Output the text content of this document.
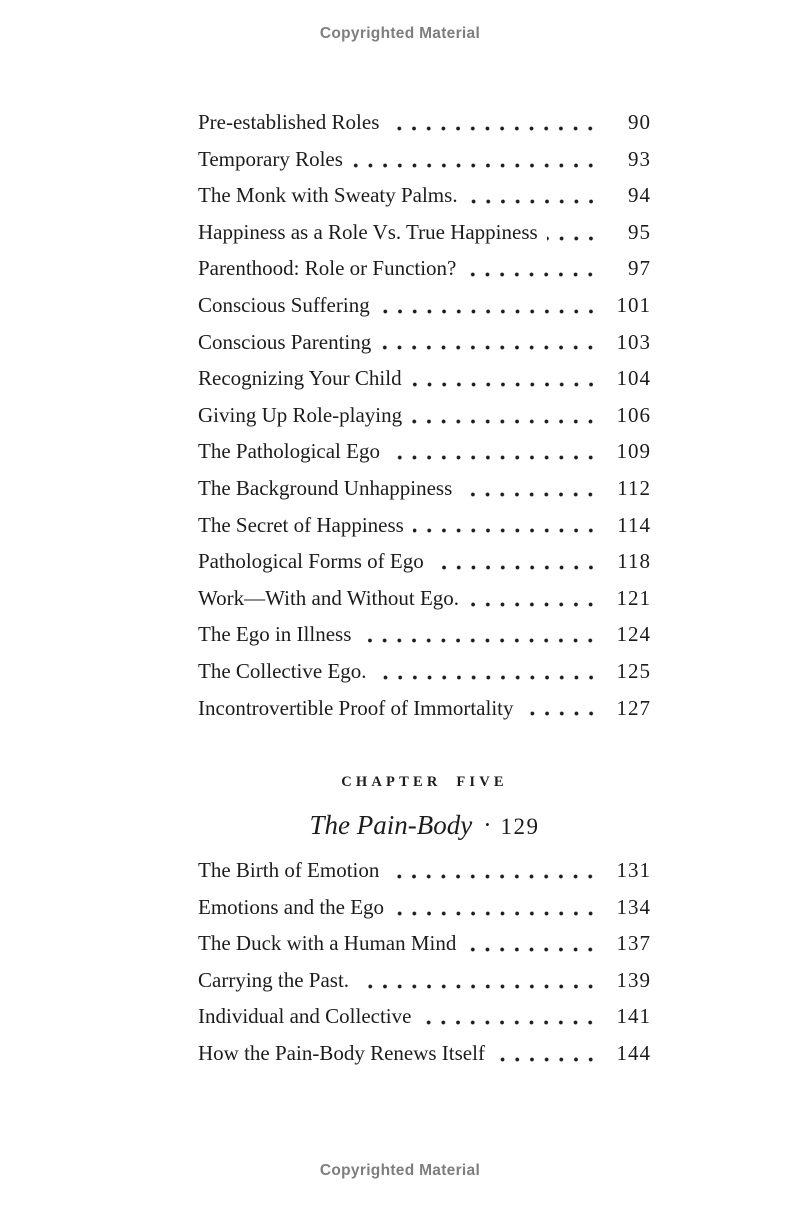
Copyrighted Material
Pre-established Roles	90
Temporary Roles	93
The Monk with Sweaty Palms.	94
Happiness as a Role Vs. True Happiness	95
Parenthood: Role or Function?	97
Conscious Suffering	101
Conscious Parenting	103
Recognizing Your Child	104
Giving Up Role-playing	106
The Pathological Ego	109
The Background Unhappiness	112
The Secret of Happiness	114
Pathological Forms of Ego	118
Work—With and Without Ego.	121
The Ego in Illness	124
The Collective Ego.	125
Incontrovertible Proof of Immortality	127
CHAPTER FIVE
The Pain-Body · 129
The Birth of Emotion	131
Emotions and the Ego	134
The Duck with a Human Mind	137
Carrying the Past.	139
Individual and Collective	141
How the Pain-Body Renews Itself	144
Copyrighted Material
